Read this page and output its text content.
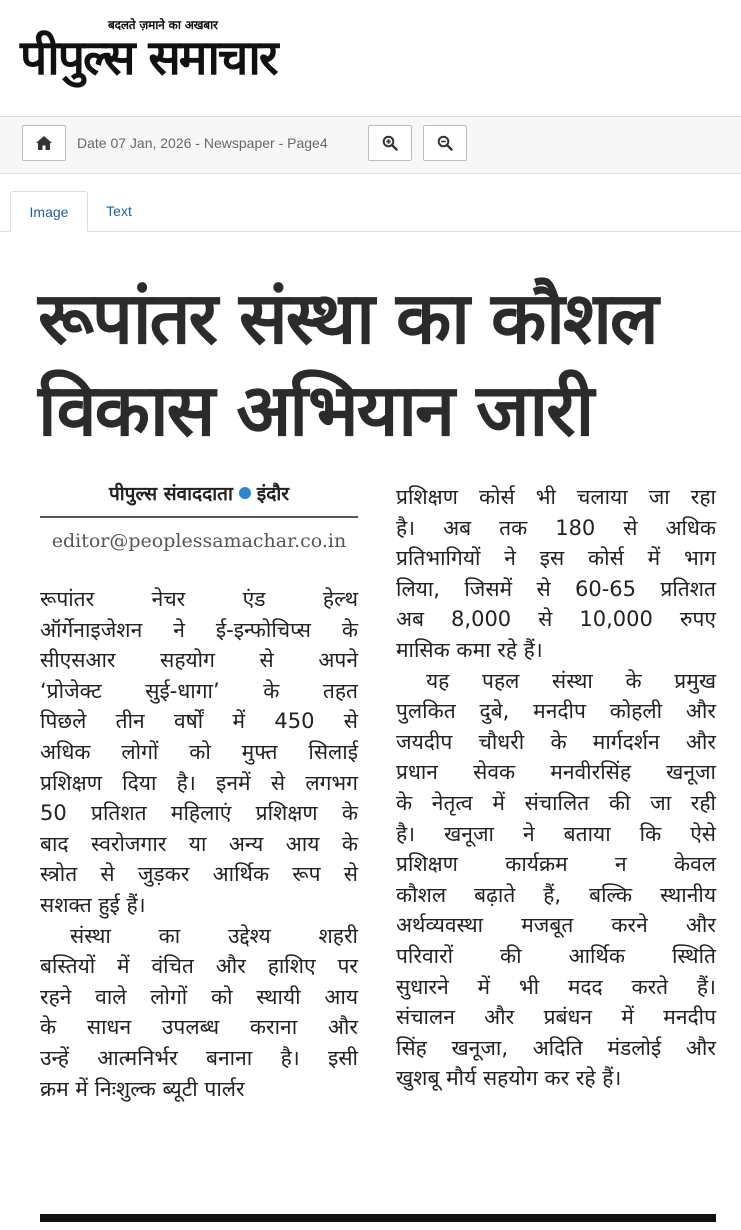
बदलते ज़माने का अखबार
पीपुल्स समाचार
Date 07 Jan, 2026 - Newspaper - Page4
Image	Text
रूपांतर संस्था का कौशल
विकास अभियान जारी
पीपुल्स संवाददाता इंदौर
editor@peoplessamachar.co.in
रूपांतर नेचर एंड हेल्थ
ऑर्गेनाइजेशन ने ई-इन्फोचिप्स के
सीएसआर सहयोग से अपने
‘प्रोजेक्ट सुई-धागा’ के तहत
पिछले तीन वर्षों में 450 से
अधिक लोगों को मुफ्त सिलाई
प्रशिक्षण दिया है। इनमें से लगभग
50 प्रतिशत महिलाएं प्रशिक्षण के
बाद स्वरोजगार या अन्य आय के
स्त्रोत से जुड़कर आर्थिक रूप से
सशक्त हुई हैं।
संस्था का उद्देश्य शहरी
बस्तियों में वंचित और हाशिए पर
रहने वाले लोगों को स्थायी आय
के साधन उपलब्ध कराना और
उन्हें आत्मनिर्भर बनाना है। इसी
क्रम में निःशुल्क ब्यूटी पार्लर
प्रशिक्षण कोर्स भी चलाया जा रहा
है। अब तक 180 से अधिक
प्रतिभागियों ने इस कोर्स में भाग
लिया, जिसमें से 60-65 प्रतिशत
अब 8,000 से 10,000 रुपए
मासिक कमा रहे हैं।
यह पहल संस्था के प्रमुख
पुलकित दुबे, मनदीप कोहली और
जयदीप चौधरी के मार्गदर्शन और
प्रधान सेवक मनवीरसिंह खनूजा
के नेतृत्व में संचालित की जा रही
है। खनूजा ने बताया कि ऐसे
प्रशिक्षण कार्यक्रम न केवल
कौशल बढ़ाते हैं, बल्कि स्थानीय
अर्थव्यवस्था मजबूत करने और
परिवारों की आर्थिक स्थिति
सुधारने में भी मदद करते हैं।
संचालन और प्रबंधन में मनदीप
सिंह खनूजा, अदिति मंडलोई और
खुशबू मौर्य सहयोग कर रहे हैं।
